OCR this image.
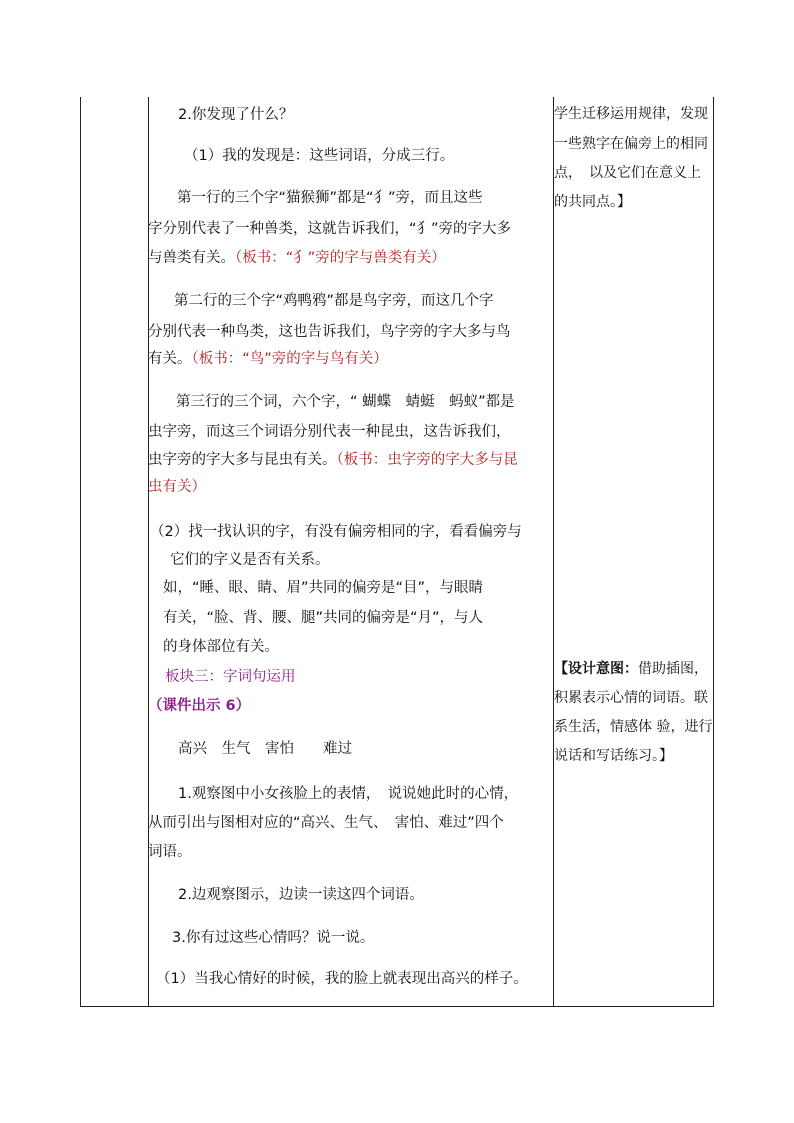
2.你发现了什么？
（1）我的发现是：这些词语，分成三行。
第一行的三个字“猫猴狮”都是“犭”旁，而且这些
字分别代表了一种兽类，这就告诉我们，“犭”旁的字大多
与兽类有关。（板书：“犭”旁的字与兽类有关）
第二行的三个字“鸡鸭鸦”都是鸟字旁，而这几个字
分别代表一种鸟类，这也告诉我们，鸟字旁的字大多与鸟
有关。（板书：“鸟”旁的字与鸟有关）
第三行的三个词，六个字，“ 蝴蝶　蜻蜓　蚂蚁”都是
虫字旁，而这三个词语分别代表一种昆虫，这告诉我们，
虫字旁的字大多与昆虫有关。（板书：虫字旁的字大多与昆
虫有关）
（2）找一找认识的字，有没有偏旁相同的字，看看偏旁与
它们的字义是否有关系。
如，“睡、眼、睛、眉”共同的偏旁是“目”，与眼睛
有关，“脸、背、腰、腿”共同的偏旁是“月”，与人
的身体部位有关。
板块三：字词句运用
（课件出示 6）
高兴　生气　害怕　　难过
1.观察图中小女孩脸上的表情，　说说她此时的心情，
从而引出与图相对应的“高兴、生气、　害怕、难过”四个
词语。
2.边观察图示，边读一读这四个词语。
3.你有过这些心情吗？说一说。
（1）当我心情好的时候，我的脸上就表现出高兴的样子。
学生迁移运用规律，发现
一些熟字在偏旁上的相同
点，　以及它们在意义上
的共同点。】
【设计意图：借助插图，
积累表示心情的词语。联
系生活，情感体 验，进行
说话和写话练习。】
